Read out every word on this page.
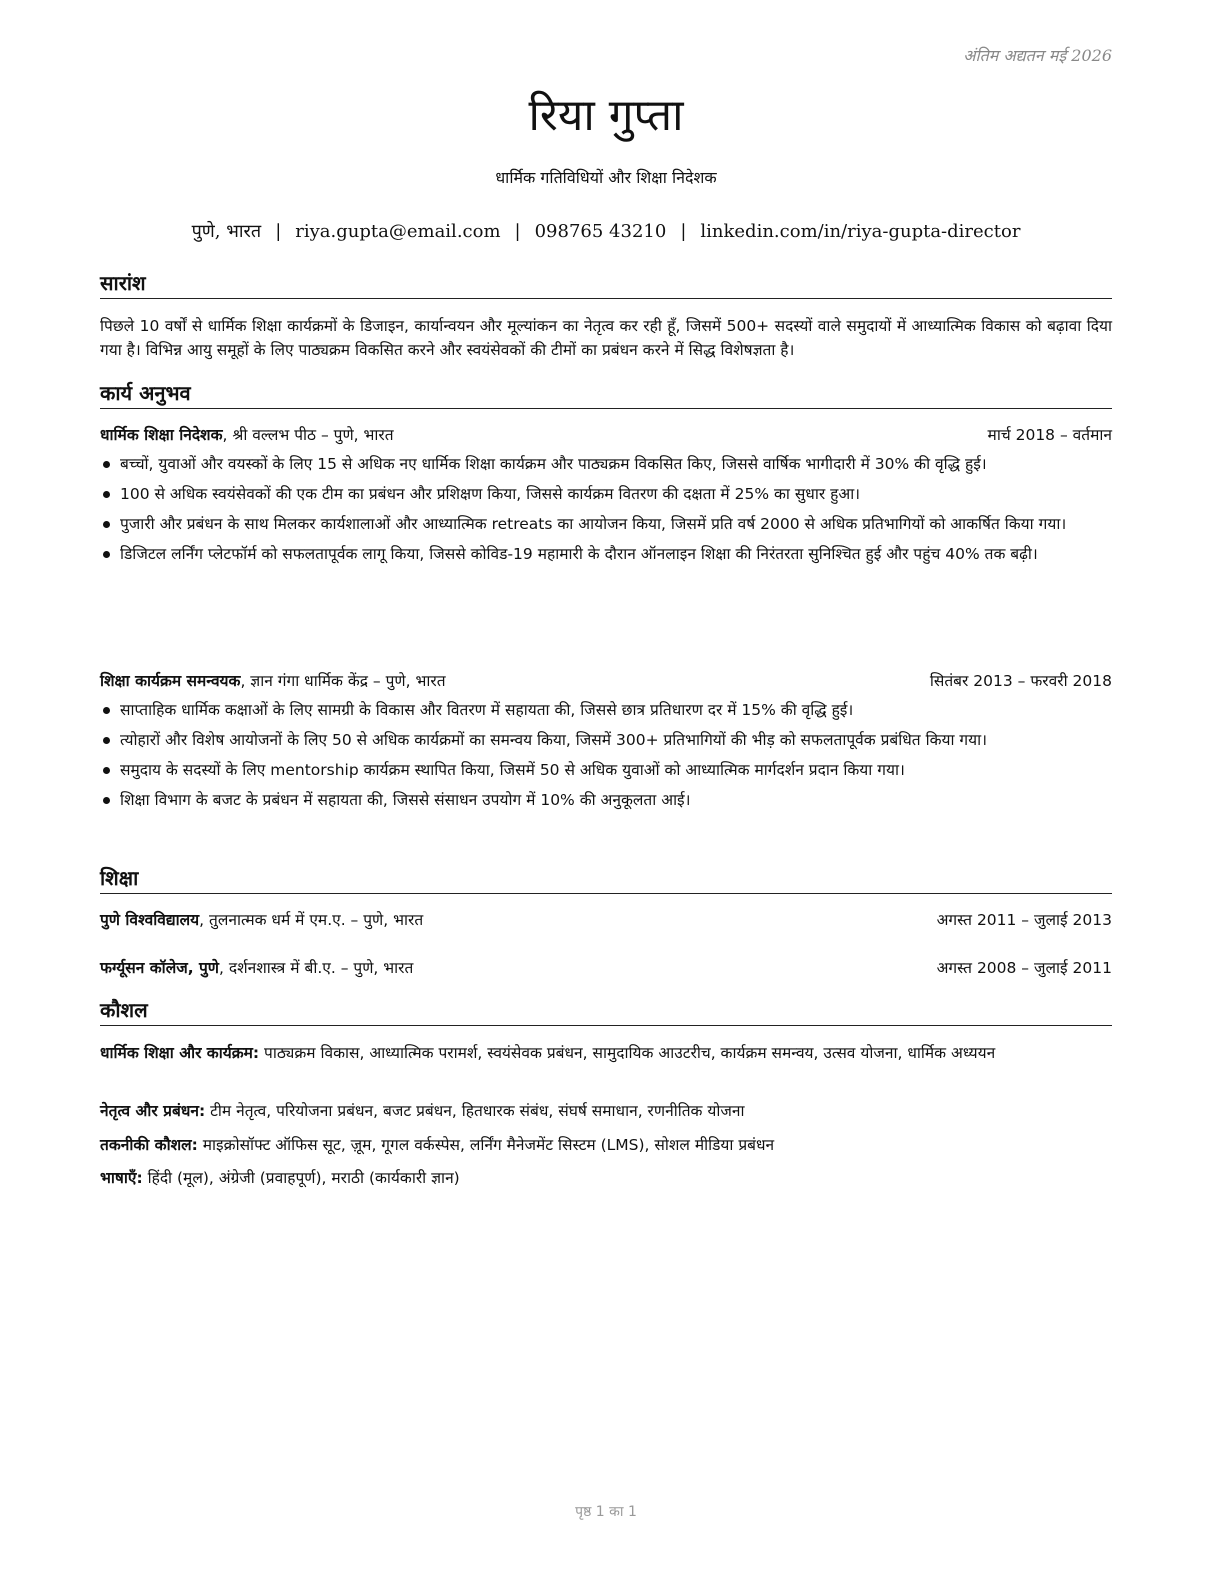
अंतिम अद्यतन मई 2026
रिया गुप्ता
धार्मिक गतिविधियों और शिक्षा निदेशक
पुणे, भारत | riya.gupta@email.com | 098765 43210 | linkedin.com/in/riya-gupta-director
सारांश
पिछले 10 वर्षों से धार्मिक शिक्षा कार्यक्रमों के डिजाइन, कार्यान्वयन और मूल्यांकन का नेतृत्व कर रही हूँ, जिसमें 500+ सदस्यों वाले समुदायों में आध्यात्मिक विकास को बढ़ावा दिया गया है। विभिन्न आयु समूहों के लिए पाठ्यक्रम विकसित करने और स्वयंसेवकों की टीमों का प्रबंधन करने में सिद्ध विशेषज्ञता है।
कार्य अनुभव
धार्मिक शिक्षा निदेशक, श्री वल्लभ पीठ – पुणे, भारत	मार्च 2018 – वर्तमान
बच्चों, युवाओं और वयस्कों के लिए 15 से अधिक नए धार्मिक शिक्षा कार्यक्रम और पाठ्यक्रम विकसित किए, जिससे वार्षिक भागीदारी में 30% की वृद्धि हुई।
100 से अधिक स्वयंसेवकों की एक टीम का प्रबंधन और प्रशिक्षण किया, जिससे कार्यक्रम वितरण की दक्षता में 25% का सुधार हुआ।
पुजारी और प्रबंधन के साथ मिलकर कार्यशालाओं और आध्यात्मिक retreats का आयोजन किया, जिसमें प्रति वर्ष 2000 से अधिक प्रतिभागियों को आकर्षित किया गया।
डिजिटल लर्निंग प्लेटफॉर्म को सफलतापूर्वक लागू किया, जिससे कोविड-19 महामारी के दौरान ऑनलाइन शिक्षा की निरंतरता सुनिश्चित हुई और पहुंच 40% तक बढ़ी।
शिक्षा कार्यक्रम समन्वयक, ज्ञान गंगा धार्मिक केंद्र – पुणे, भारत	सितंबर 2013 – फरवरी 2018
साप्ताहिक धार्मिक कक्षाओं के लिए सामग्री के विकास और वितरण में सहायता की, जिससे छात्र प्रतिधारण दर में 15% की वृद्धि हुई।
त्योहारों और विशेष आयोजनों के लिए 50 से अधिक कार्यक्रमों का समन्वय किया, जिसमें 300+ प्रतिभागियों की भीड़ को सफलतापूर्वक प्रबंधित किया गया।
समुदाय के सदस्यों के लिए mentorship कार्यक्रम स्थापित किया, जिसमें 50 से अधिक युवाओं को आध्यात्मिक मार्गदर्शन प्रदान किया गया।
शिक्षा विभाग के बजट के प्रबंधन में सहायता की, जिससे संसाधन उपयोग में 10% की अनुकूलता आई।
शिक्षा
पुणे विश्वविद्यालय, तुलनात्मक धर्म में एम.ए. – पुणे, भारत	अगस्त 2011 – जुलाई 2013
फर्ग्यूसन कॉलेज, पुणे, दर्शनशास्त्र में बी.ए. – पुणे, भारत	अगस्त 2008 – जुलाई 2011
कौशल
धार्मिक शिक्षा और कार्यक्रम: पाठ्यक्रम विकास, आध्यात्मिक परामर्श, स्वयंसेवक प्रबंधन, सामुदायिक आउटरीच, कार्यक्रम समन्वय, उत्सव योजना, धार्मिक अध्ययन
नेतृत्व और प्रबंधन: टीम नेतृत्व, परियोजना प्रबंधन, बजट प्रबंधन, हितधारक संबंध, संघर्ष समाधान, रणनीतिक योजना
तकनीकी कौशल: माइक्रोसॉफ्ट ऑफिस सूट, ज़ूम, गूगल वर्कस्पेस, लर्निंग मैनेजमेंट सिस्टम (LMS), सोशल मीडिया प्रबंधन
भाषाएँ: हिंदी (मूल), अंग्रेजी (प्रवाहपूर्ण), मराठी (कार्यकारी ज्ञान)
पृष्ठ 1 का 1
